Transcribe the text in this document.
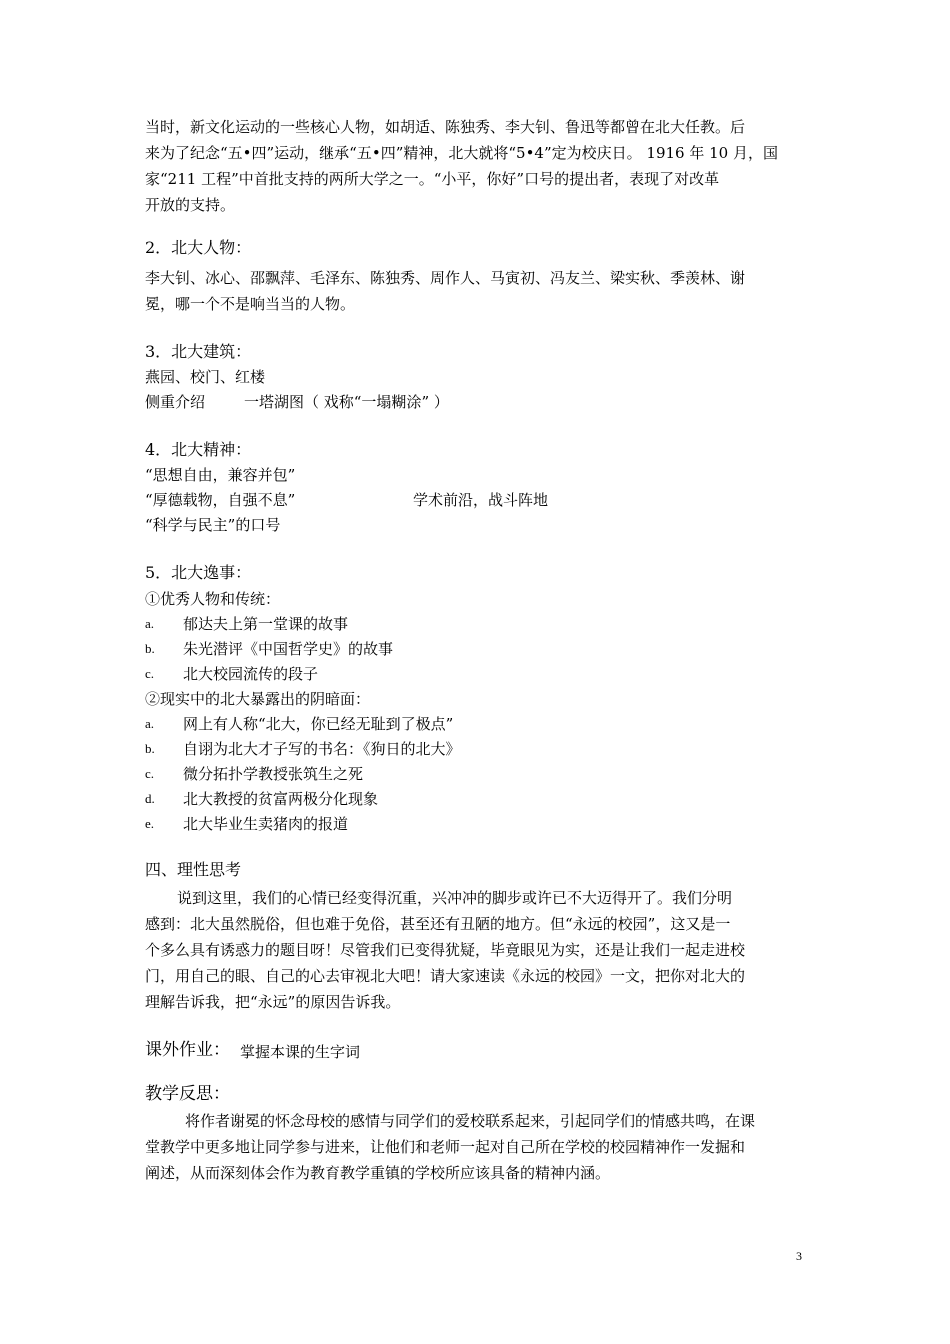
当时，新文化运动的一些核心人物，如胡适、陈独秀、李大钊、鲁迅等都曾在北大任教。后
来为了纪念“五•四”运动，继承“五•四”精神，北大就将“5•4”定为校庆日。 1916 年 10 月，国
家“211 工程”中首批支持的两所大学之一。“小平，你好”口号的提出者，表现了对改革
开放的支持。
2．北大人物：
李大钊、冰心、邵飘萍、毛泽东、陈独秀、周作人、马寅初、冯友兰、梁实秋、季羡林、谢
冕，哪一个不是响当当的人物。
3．北大建筑：
燕园、校门、红楼
侧重介绍	一塔湖图（ 戏称“一塌糊涂” ）
4．北大精神：
“思想自由，兼容并包”
“厚德载物，自强不息”	学术前沿，战斗阵地
“科学与民主”的口号
5．北大逸事：
①优秀人物和传统：
a. 郁达夫上第一堂课的故事
b. 朱光潜评《中国哲学史》的故事
c. 北大校园流传的段子
②现实中的北大暴露出的阴暗面：
a. 网上有人称“北大，你已经无耻到了极点”
b. 自诩为北大才子写的书名：《狗日的北大》
c. 微分拓扑学教授张筑生之死
d. 北大教授的贫富两极分化现象
e. 北大毕业生卖猪肉的报道
四、理性思考
说到这里，我们的心情已经变得沉重，兴冲冲的脚步或许已不大迈得开了。我们分明
感到：北大虽然脱俗，但也难于免俗，甚至还有丑陋的地方。但“永远的校园”，这又是一
个多么具有诱惑力的题目呀！尽管我们已变得犹疑，毕竟眼见为实，还是让我们一起走进校
门，用自己的眼、自己的心去审视北大吧！请大家速读《永远的校园》一文，把你对北大的
理解告诉我，把“永远”的原因告诉我。
课外作业： 掌握本课的生字词
教学反思：
将作者谢冕的怀念母校的感情与同学们的爱校联系起来，引起同学们的情感共鸣，在课
堂教学中更多地让同学参与进来，让他们和老师一起对自己所在学校的校园精神作一发掘和
阐述，从而深刻体会作为教育教学重镇的学校所应该具备的精神内涵。
3
